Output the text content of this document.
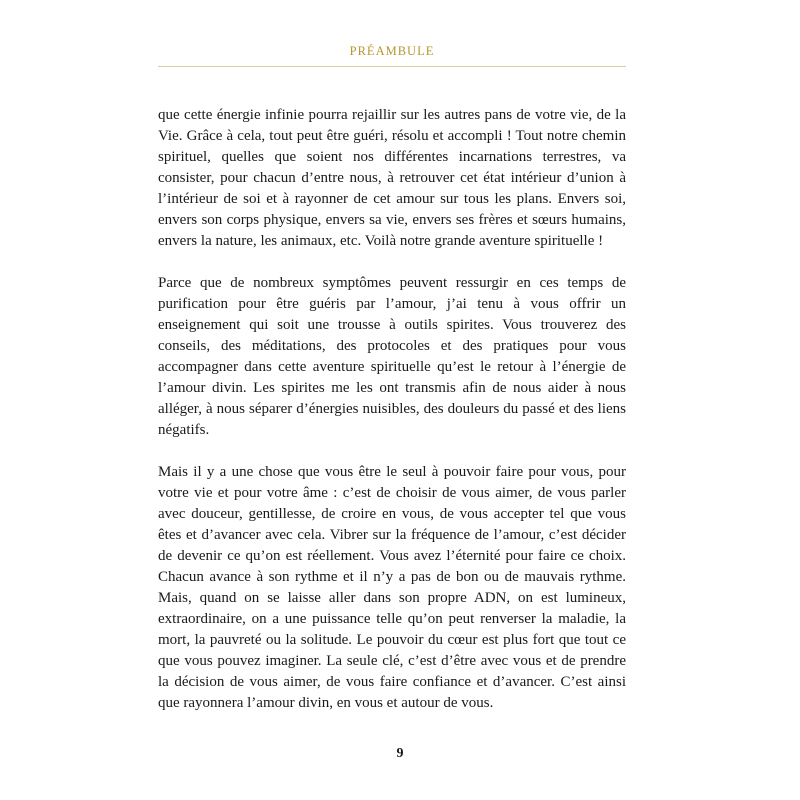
PRÉAMBULE

que cette énergie infinie pourra rejaillir sur les autres pans de votre vie, de la Vie. Grâce à cela, tout peut être guéri, résolu et accompli ! Tout notre chemin spirituel, quelles que soient nos différentes incarnations terrestres, va consister, pour chacun d’entre nous, à retrouver cet état intérieur d’union à l’intérieur de soi et à rayonner de cet amour sur tous les plans. Envers soi, envers son corps physique, envers sa vie, envers ses frères et sœurs humains, envers la nature, les animaux, etc. Voilà notre grande aventure spirituelle !

Parce que de nombreux symptômes peuvent ressurgir en ces temps de purification pour être guéris par l’amour, j’ai tenu à vous offrir un enseignement qui soit une trousse à outils spirites. Vous trouverez des conseils, des méditations, des protocoles et des pratiques pour vous accompagner dans cette aventure spirituelle qu’est le retour à l’énergie de l’amour divin. Les spirites me les ont transmis afin de nous aider à nous alléger, à nous séparer d’énergies nuisibles, des douleurs du passé et des liens négatifs.

Mais il y a une chose que vous être le seul à pouvoir faire pour vous, pour votre vie et pour votre âme : c’est de choisir de vous aimer, de vous parler avec douceur, gentillesse, de croire en vous, de vous accepter tel que vous êtes et d’avancer avec cela. Vibrer sur la fréquence de l’amour, c’est décider de devenir ce qu’on est réellement. Vous avez l’éternité pour faire ce choix. Chacun avance à son rythme et il n’y a pas de bon ou de mauvais rythme. Mais, quand on se laisse aller dans son propre ADN, on est lumineux, extraordinaire, on a une puissance telle qu’on peut renverser la maladie, la mort, la pauvreté ou la solitude. Le pouvoir du cœur est plus fort que tout ce que vous pouvez imaginer. La seule clé, c’est d’être avec vous et de prendre la décision de vous aimer, de vous faire confiance et d’avancer. C’est ainsi que rayonnera l’amour divin, en vous et autour de vous.

9
